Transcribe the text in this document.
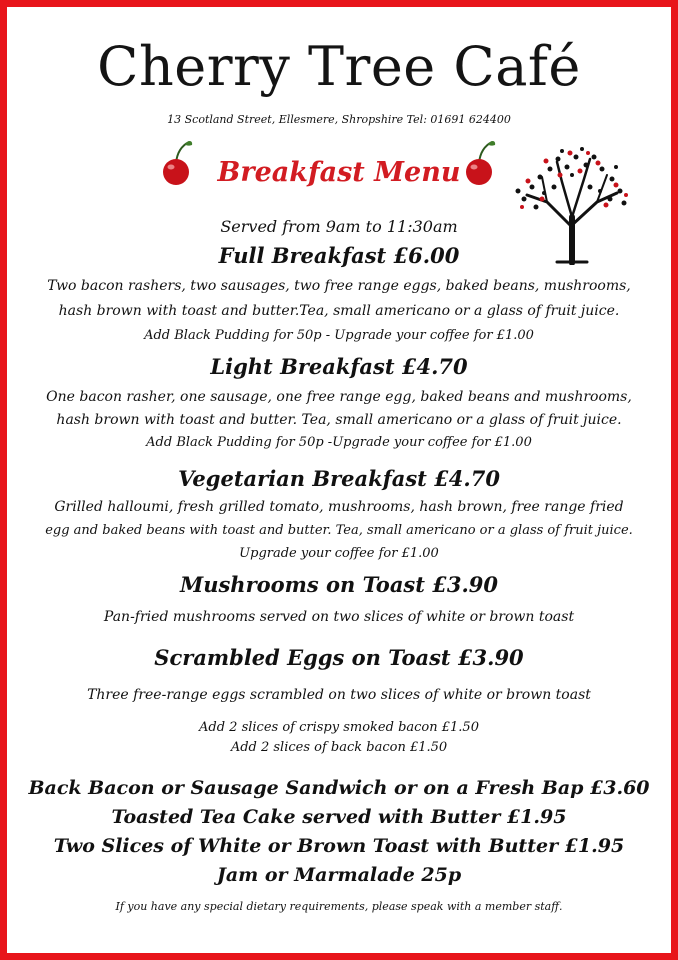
Cherry Tree Café
13 Scotland Street, Ellesmere, Shropshire Tel: 01691 624400
Breakfast Menu
Served from 9am to 11:30am
Full Breakfast £6.00
Two bacon rashers, two sausages, two free range eggs, baked beans, mushrooms,
hash brown with toast and butter.Tea, small americano or a glass of fruit juice.
Add Black Pudding for 50p - Upgrade your coffee for £1.00
Light Breakfast £4.70
One bacon rasher, one sausage, one free range egg, baked beans and mushrooms,
hash brown with toast and butter. Tea, small americano or a glass of fruit juice.
Add Black Pudding for 50p -Upgrade your coffee for £1.00
Vegetarian Breakfast £4.70
Grilled halloumi, fresh grilled tomato, mushrooms, hash brown, free range fried
egg and baked beans with toast and butter. Tea, small americano or a glass of fruit juice.
Upgrade your coffee for £1.00
Mushrooms on Toast £3.90
Pan-fried mushrooms served on two slices of white or brown toast
Scrambled Eggs on Toast £3.90
Three free-range eggs scrambled on two slices of white or brown toast
Add 2 slices of crispy smoked bacon £1.50
Add 2 slices of back bacon £1.50
Back Bacon or Sausage Sandwich or on a Fresh Bap £3.60
Toasted Tea Cake served with Butter £1.95
Two Slices of White or Brown Toast with Butter £1.95
Jam or Marmalade 25p
If you have any special dietary requirements, please speak with a member staff.
